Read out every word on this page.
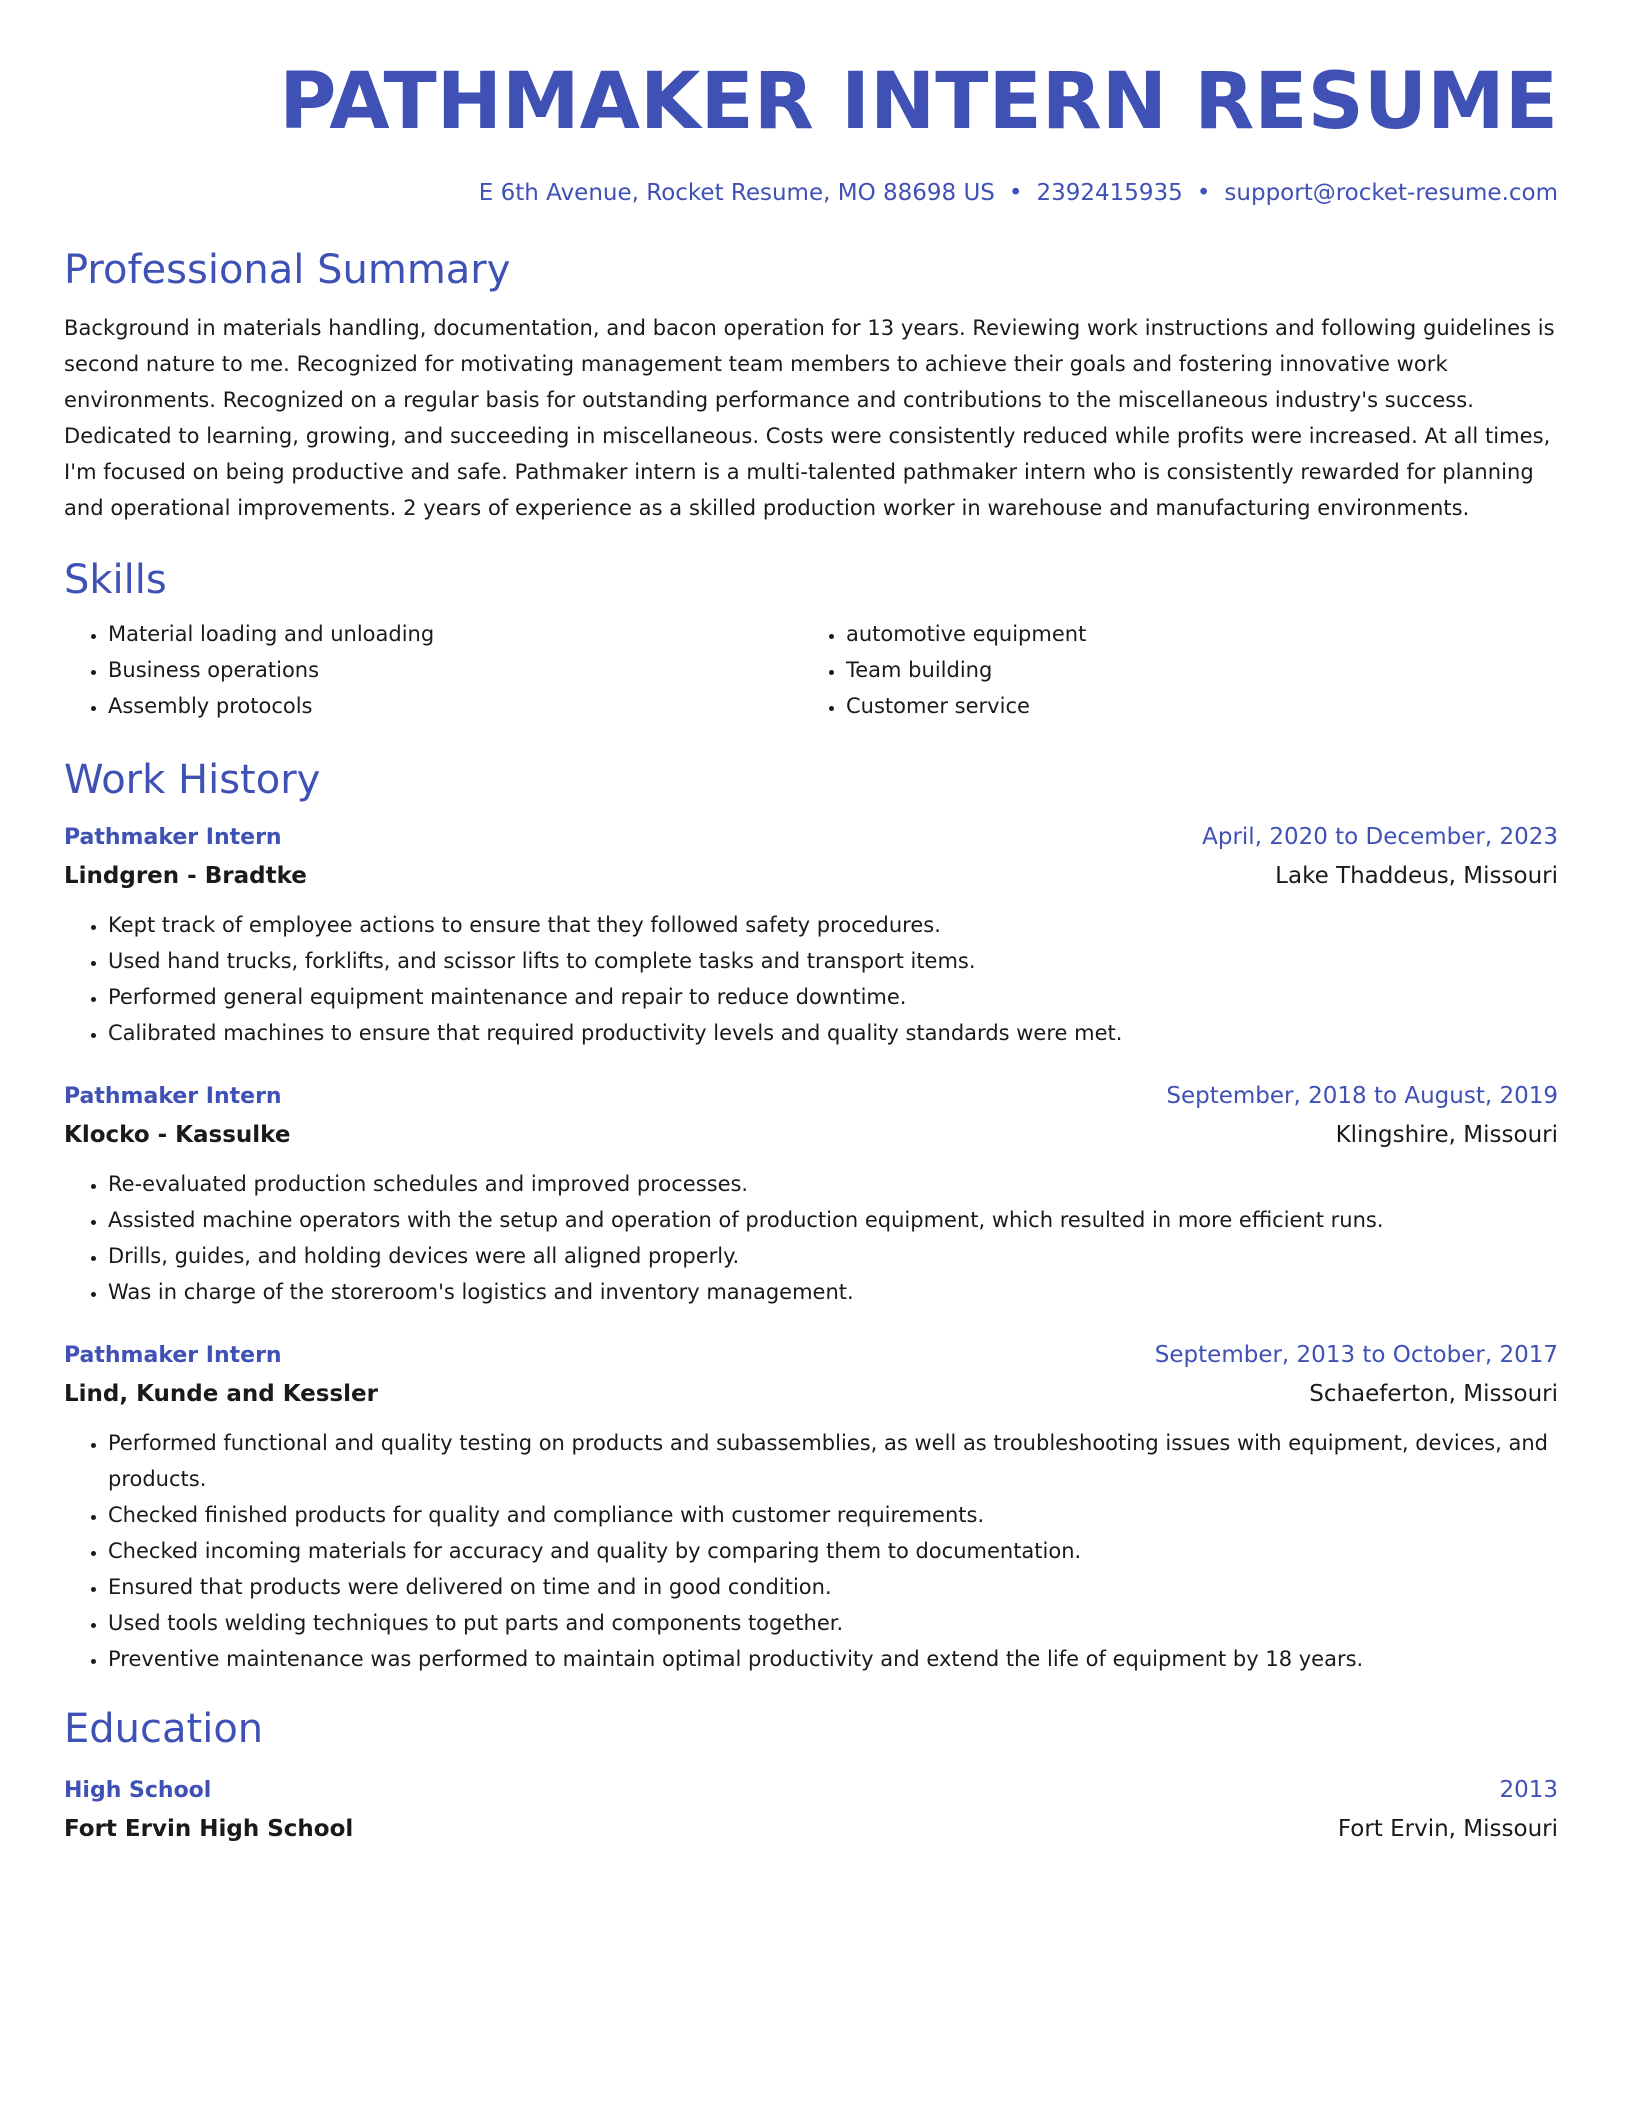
PATHMAKER INTERN RESUME
E 6th Avenue, Rocket Resume, MO 88698 US • 2392415935 • support@rocket-resume.com
Professional Summary
Background in materials handling, documentation, and bacon operation for 13 years. Reviewing work instructions and following guidelines is second nature to me. Recognized for motivating management team members to achieve their goals and fostering innovative work environments. Recognized on a regular basis for outstanding performance and contributions to the miscellaneous industry's success. Dedicated to learning, growing, and succeeding in miscellaneous. Costs were consistently reduced while profits were increased. At all times, I'm focused on being productive and safe. Pathmaker intern is a multi-talented pathmaker intern who is consistently rewarded for planning and operational improvements. 2 years of experience as a skilled production worker in warehouse and manufacturing environments.
Skills
• Material loading and unloading
• Business operations
• Assembly protocols
• automotive equipment
• Team building
• Customer service
Work History
Pathmaker Intern	April, 2020 to December, 2023
Lindgren - Bradtke	Lake Thaddeus, Missouri
• Kept track of employee actions to ensure that they followed safety procedures.
• Used hand trucks, forklifts, and scissor lifts to complete tasks and transport items.
• Performed general equipment maintenance and repair to reduce downtime.
• Calibrated machines to ensure that required productivity levels and quality standards were met.
Pathmaker Intern	September, 2018 to August, 2019
Klocko - Kassulke	Klingshire, Missouri
• Re-evaluated production schedules and improved processes.
• Assisted machine operators with the setup and operation of production equipment, which resulted in more efficient runs.
• Drills, guides, and holding devices were all aligned properly.
• Was in charge of the storeroom's logistics and inventory management.
Pathmaker Intern	September, 2013 to October, 2017
Lind, Kunde and Kessler	Schaeferton, Missouri
• Performed functional and quality testing on products and subassemblies, as well as troubleshooting issues with equipment, devices, and products.
• Checked finished products for quality and compliance with customer requirements.
• Checked incoming materials for accuracy and quality by comparing them to documentation.
• Ensured that products were delivered on time and in good condition.
• Used tools welding techniques to put parts and components together.
• Preventive maintenance was performed to maintain optimal productivity and extend the life of equipment by 18 years.
Education
High School	2013
Fort Ervin High School	Fort Ervin, Missouri
